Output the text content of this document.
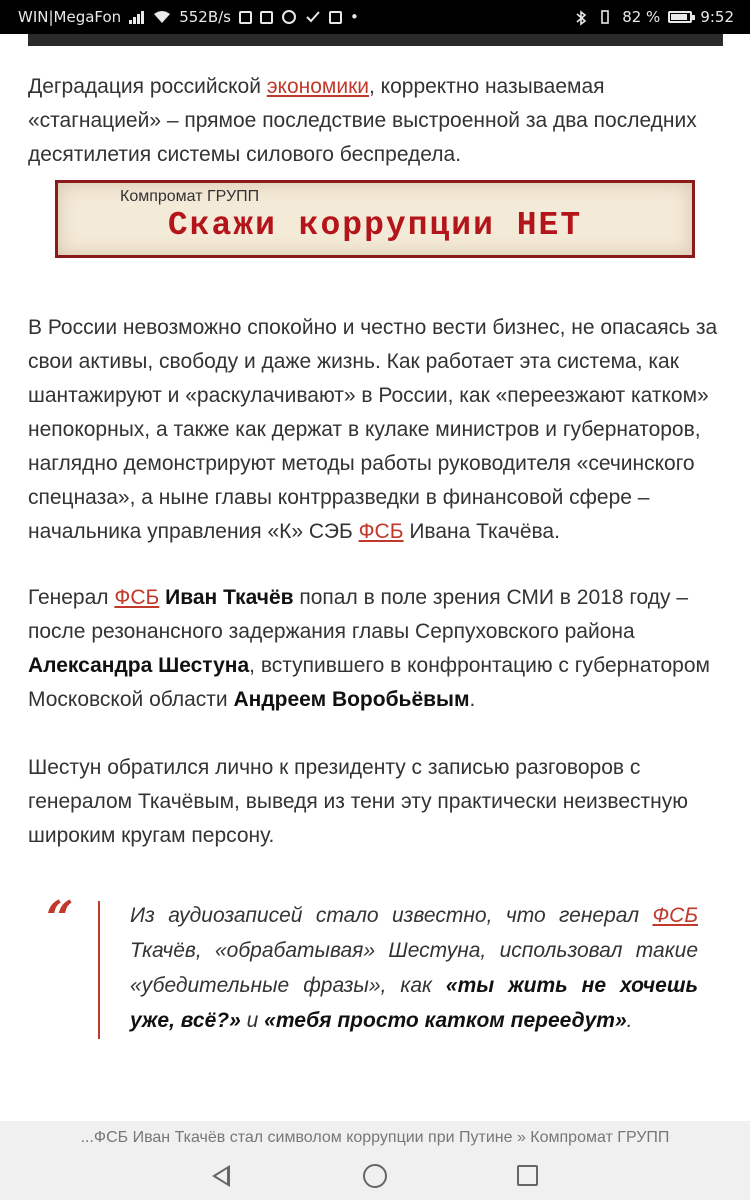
WIN|MegaFon	552B/s	•	82 %	9:52

Деградация российской экономики, корректно называемая «стагнацией» – прямое последствие выстроенной за два последних десятилетия системы силового беспредела.

Компромат ГРУПП
Скажи коррупции НЕТ

В России невозможно спокойно и честно вести бизнес, не опасаясь за свои активы, свободу и даже жизнь. Как работает эта система, как шантажируют и «раскулачивают» в России, как «переезжают катком» непокорных, а также как держат в кулаке министров и губернаторов, наглядно демонстрируют методы работы руководителя «сечинского спецназа», а ныне главы контрразведки в финансовой сфере – начальника управления «К» СЭБ ФСБ Ивана Ткачёва.

Генерал ФСБ Иван Ткачёв попал в поле зрения СМИ в 2018 году – после резонансного задержания главы Серпуховского района Александра Шестуна, вступившего в конфронтацию с губернатором Московской области Андреем Воробьёвым.

Шестун обратился лично к президенту с записью разговоров с генералом Ткачёвым, выведя из тени эту практически неизвестную широким кругам персону.

“	Из аудиозаписей стало известно, что генерал ФСБ Ткачёв, «обрабатывая» Шестуна, использовал такие «убедительные фразы», как «ты жить не хочешь уже, всё?» и «тебя просто катком переедут».

...ФСБ Иван Ткачёв стал символом коррупции при Путине » Компромат ГРУПП
